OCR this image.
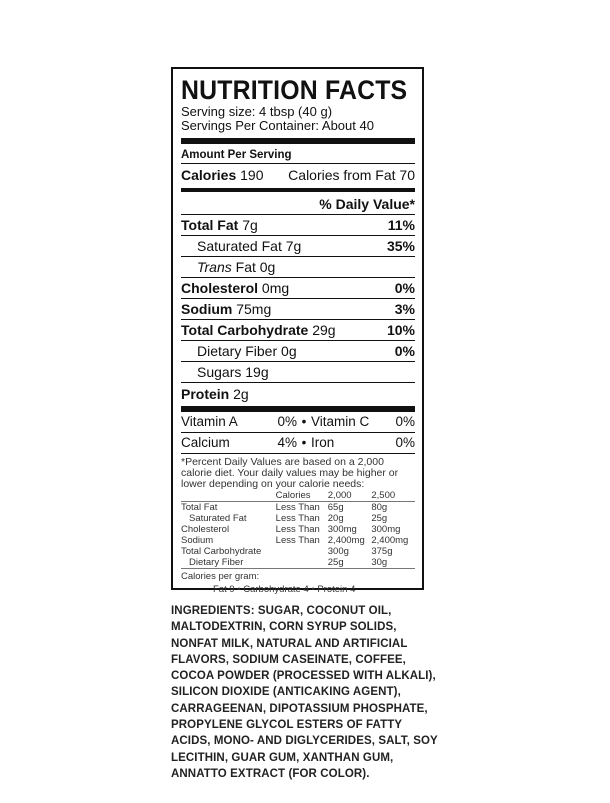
NUTRITION FACTS
Serving size: 4 tbsp (40 g)
Servings Per Container: About 40
Amount Per Serving
Calories 190 Calories from Fat 70
% Daily Value*
Total Fat 7g	11%
Saturated Fat 7g	35%
Trans Fat 0g
Cholesterol 0mg	0%
Sodium 75mg	3%
Total Carbohydrate 29g	10%
Dietary Fiber 0g	0%
Sugars 19g
Protein 2g
Vitamin A	0% • Vitamin C	0%
Calcium	4% • Iron	0%
*Percent Daily Values are based on a 2,000 calorie diet. Your daily values may be higher or lower depending on your calorie needs:
	Calories	2,000	2,500
Total Fat	Less Than	65g	80g
Saturated Fat	Less Than	20g	25g
Cholesterol	Less Than	300mg	300mg
Sodium	Less Than	2,400mg	2,400mg
Total Carbohydrate		300g	375g
Dietary Fiber		25g	30g
Calories per gram:
Fat 9 • Carbohydrate 4 • Protein 4
INGREDIENTS: SUGAR, COCONUT OIL, MALTODEXTRIN, CORN SYRUP SOLIDS, NONFAT MILK, NATURAL AND ARTIFICIAL FLAVORS, SODIUM CASEINATE, COFFEE, COCOA POWDER (PROCESSED WITH ALKALI), SILICON DIOXIDE (ANTICAKING AGENT), CARRAGEENAN, DIPOTASSIUM PHOSPHATE, PROPYLENE GLYCOL ESTERS OF FATTY ACIDS, MONO- AND DIGLYCERIDES, SALT, SOY LECITHIN, GUAR GUM, XANTHAN GUM, ANNATTO EXTRACT (FOR COLOR).
